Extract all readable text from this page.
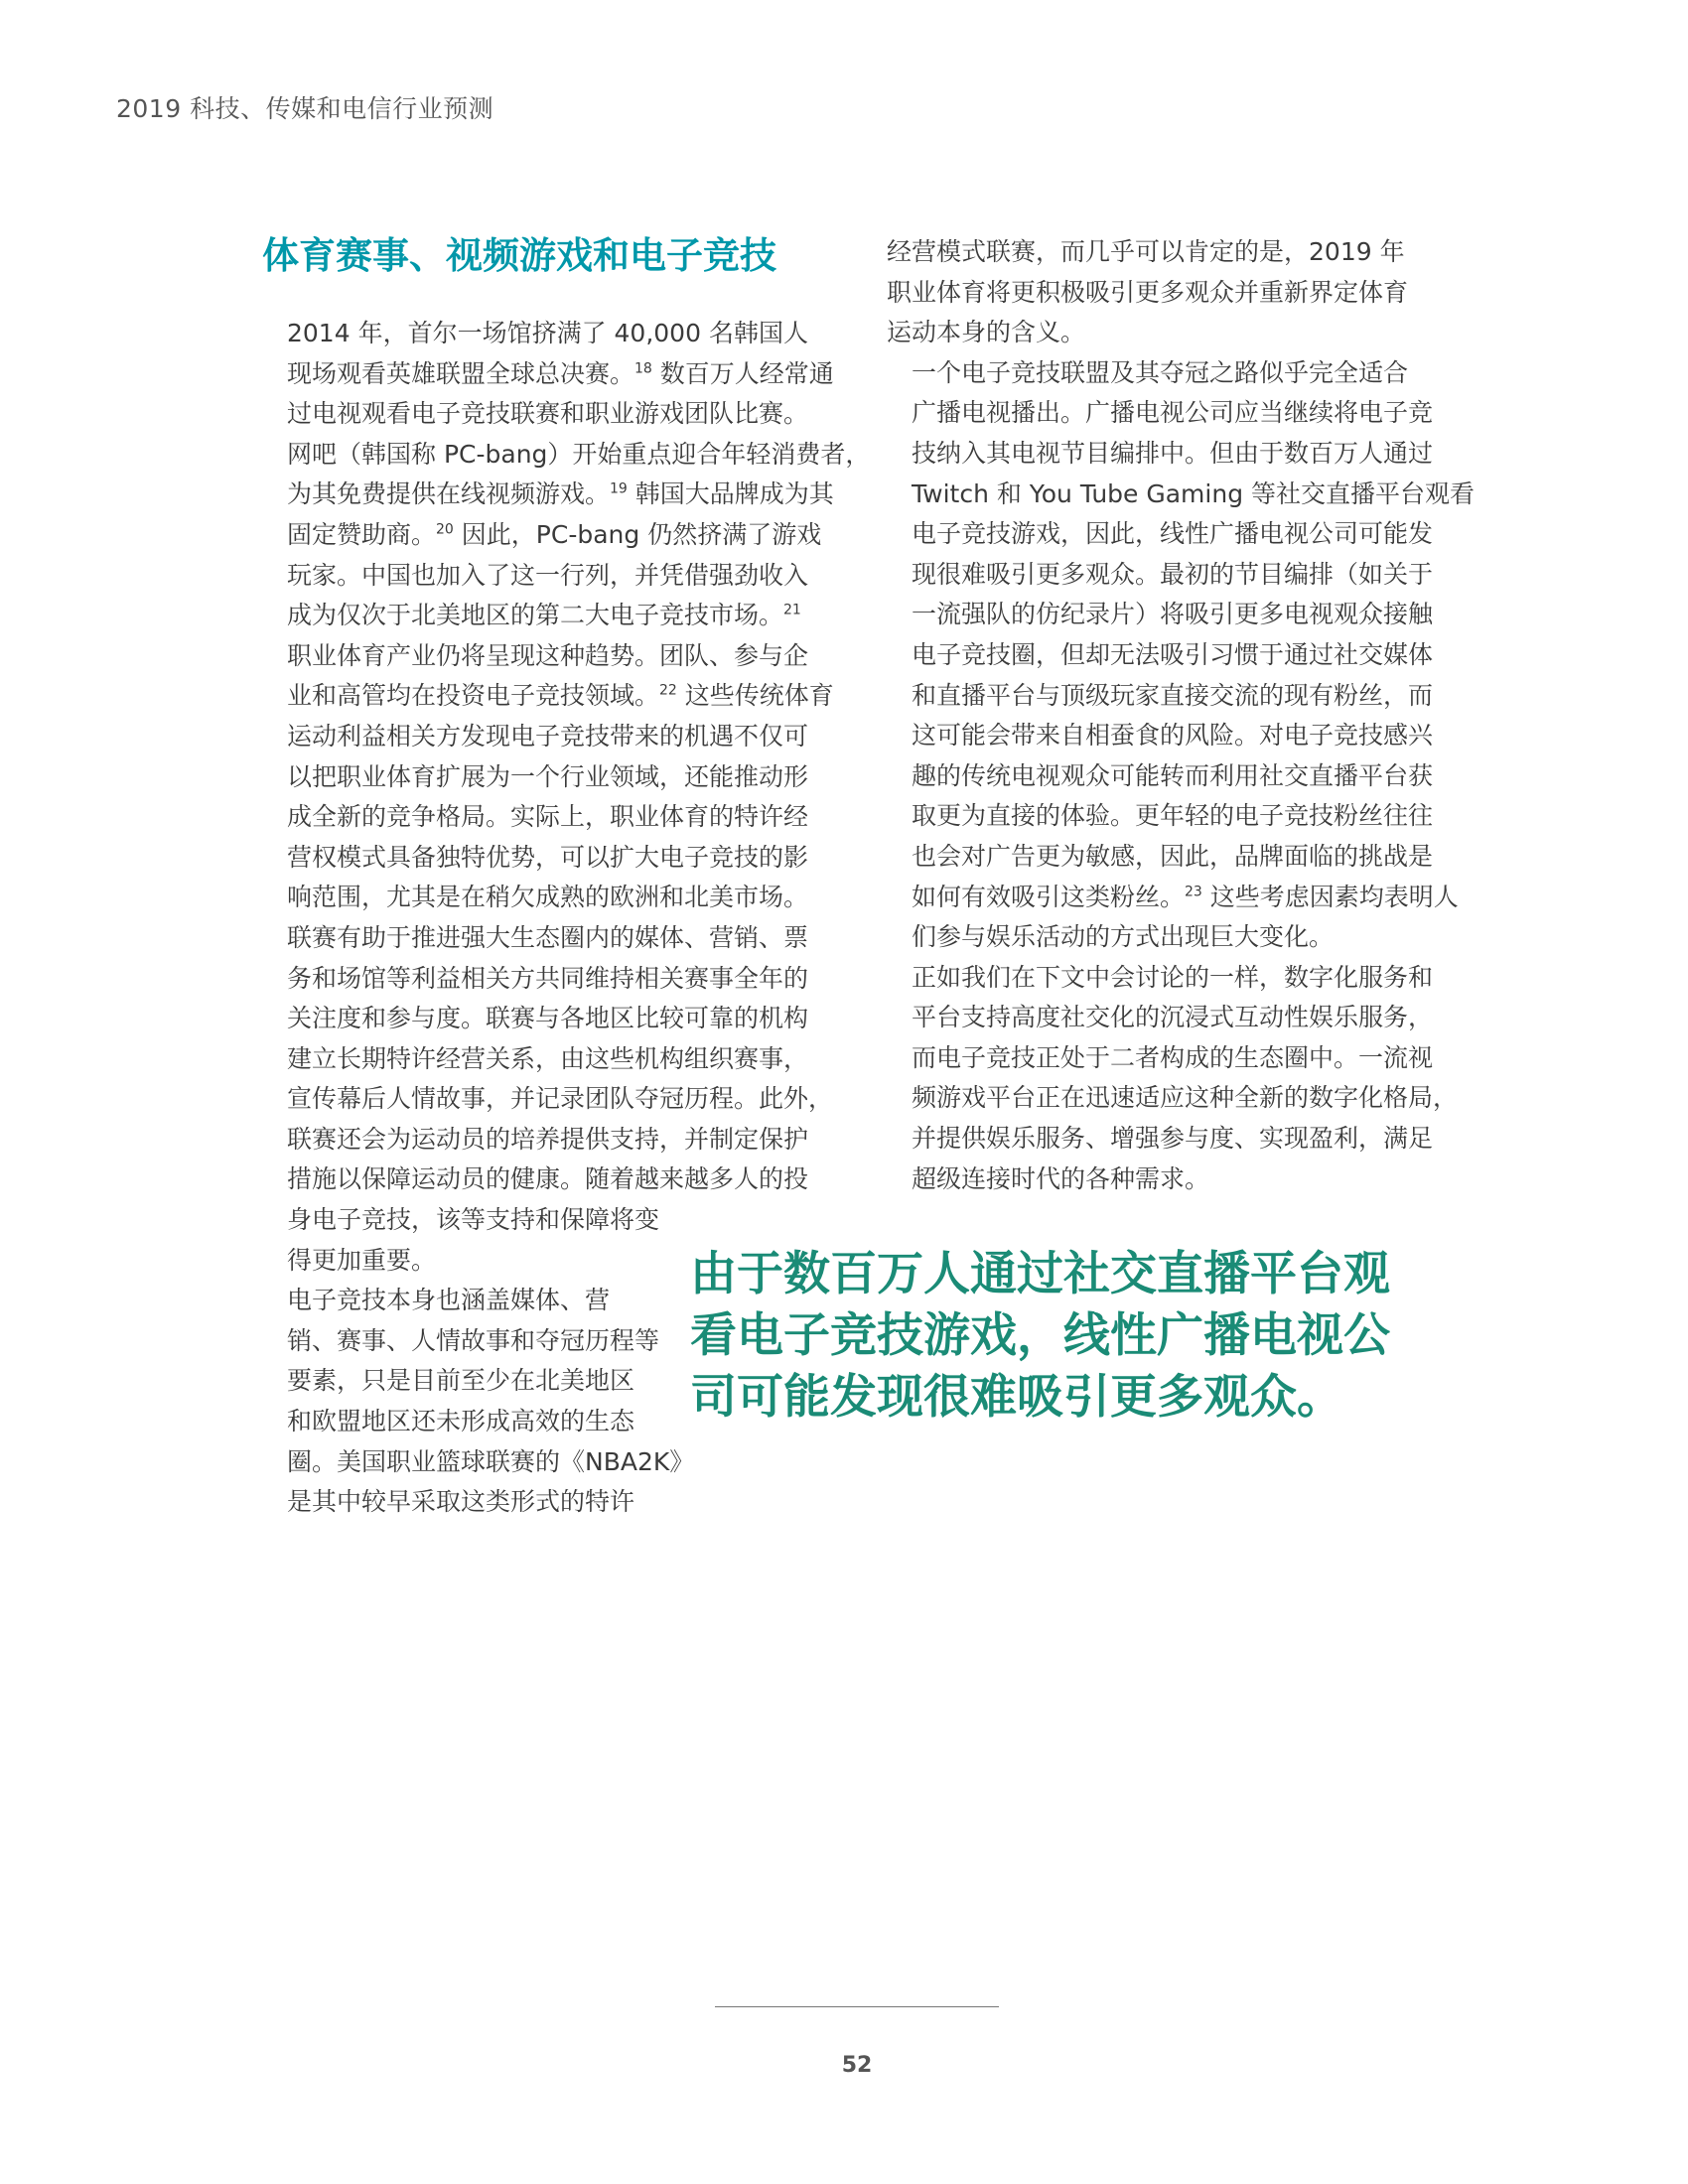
2019 科技、传媒和电信行业预测
体育赛事、视频游戏和电子竞技

2014 年，首尔一场馆挤满了 40,000 名韩国人
现场观看英雄联盟全球总决赛。$^{18}$ 数百万人经常通
过电视观看电子竞技联赛和职业游戏团队比赛。
网吧（韩国称 PC-bang）开始重点迎合年轻消费者，
为其免费提供在线视频游戏。$^{19}$ 韩国大品牌成为其
固定赞助商。$^{20}$ 因此，PC-bang 仍然挤满了游戏
玩家。中国也加入了这一行列，并凭借强劲收入
成为仅次于北美地区的第二大电子竞技市场。$^{21}$

职业体育产业仍将呈现这种趋势。团队、参与企
业和高管均在投资电子竞技领域。$^{22}$ 这些传统体育
运动利益相关方发现电子竞技带来的机遇不仅可
以把职业体育扩展为一个行业领域，还能推动形
成全新的竞争格局。实际上，职业体育的特许经
营权模式具备独特优势，可以扩大电子竞技的影
响范围，尤其是在稍欠成熟的欧洲和北美市场。
联赛有助于推进强大生态圈内的媒体、营销、票
务和场馆等利益相关方共同维持相关赛事全年的
关注度和参与度。联赛与各地区比较可靠的机构
建立长期特许经营关系，由这些机构组织赛事，
宣传幕后人情故事，并记录团队夺冠历程。此外，
联赛还会为运动员的培养提供支持，并制定保护
措施以保障运动员的健康。随着越来越多人的投
身电子竞技，该等支持和保障将变
得更加重要。

电子竞技本身也涵盖媒体、营
销、赛事、人情故事和夺冠历程等
要素，只是目前至少在北美地区
和欧盟地区还未形成高效的生态
圈。美国职业篮球联赛的《NBA2K》
是其中较早采取这类形式的特许

经营模式联赛，而几乎可以肯定的是，2019 年
职业体育将更积极吸引更多观众并重新界定体育
运动本身的含义。

一个电子竞技联盟及其夺冠之路似乎完全适合
广播电视播出。广播电视公司应当继续将电子竞
技纳入其电视节目编排中。但由于数百万人通过
Twitch 和 You Tube Gaming 等社交直播平台观看
电子竞技游戏，因此，线性广播电视公司可能发
现很难吸引更多观众。最初的节目编排（如关于
一流强队的仿纪录片）将吸引更多电视观众接触
电子竞技圈，但却无法吸引习惯于通过社交媒体
和直播平台与顶级玩家直接交流的现有粉丝，而
这可能会带来自相蚕食的风险。对电子竞技感兴
趣的传统电视观众可能转而利用社交直播平台获
取更为直接的体验。更年轻的电子竞技粉丝往往
也会对广告更为敏感，因此，品牌面临的挑战是
如何有效吸引这类粉丝。$^{23}$ 这些考虑因素均表明人
们参与娱乐活动的方式出现巨大变化。

正如我们在下文中会讨论的一样，数字化服务和
平台支持高度社交化的沉浸式互动性娱乐服务，
而电子竞技正处于二者构成的生态圈中。一流视
频游戏平台正在迅速适应这种全新的数字化格局，
并提供娱乐服务、增强参与度、实现盈利，满足
超级连接时代的各种需求。

由于数百万人通过社交直播平台观
看电子竞技游戏，线性广播电视公
司可能发现很难吸引更多观众。
52
